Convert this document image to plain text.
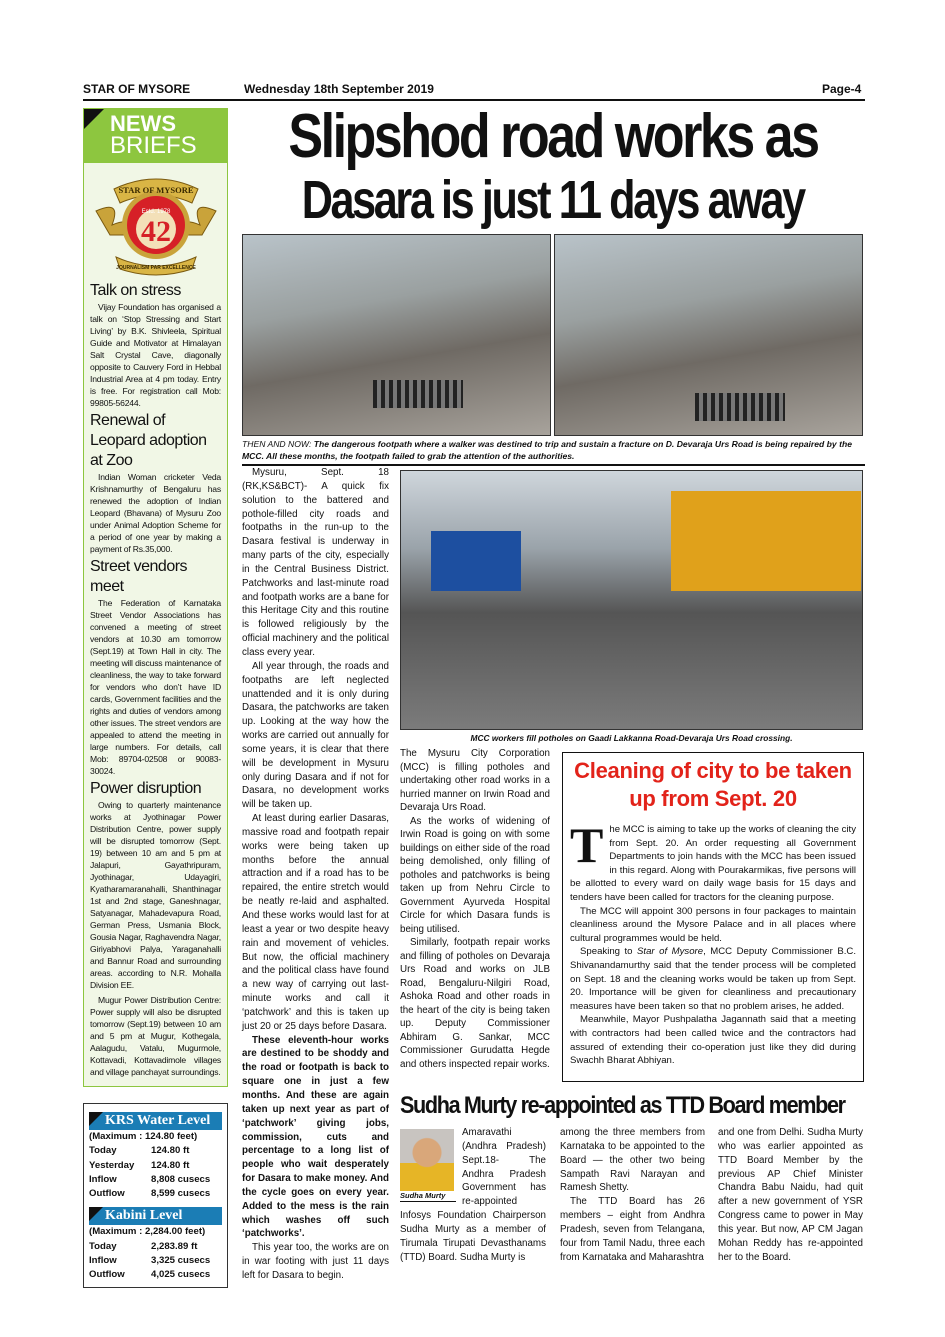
STAR OF MYSORE	Wednesday 18th September 2019	Page-4
NEWS
BRIEFS
42
Estd. 1978
STAR OF MYSORE
JOURNALISM PAR EXCELLENCE
Talk on stress

Vijay Foundation has organised a talk on ‘Stop Stressing and Start Living’ by B.K. Shivleela, Spiritual Guide and Motivator at Himalayan Salt Crystal Cave, diagonally opposite to Cauvery Ford in Hebbal Industrial Area at 4 pm today. Entry is free. For registration call Mob: 99805-56244.

Renewal of Leopard adoption at Zoo

Indian Woman cricketer Veda Krishnamurthy of Bengaluru has renewed the adoption of Indian Leopard (Bhavana) of Mysuru Zoo under Animal Adoption Scheme for a period of one year by making a payment of Rs.35,000.

Street vendors meet

The Federation of Karnataka Street Vendor Associations has convened a meeting of street vendors at 10.30 am tomorrow (Sept.19) at Town Hall in city. The meeting will discuss maintenance of cleanliness, the way to take forward for vendors who don’t have ID cards, Government facilities and the rights and duties of vendors among other issues. The street vendors are appealed to attend the meeting in large numbers. For details, call Mob: 89704-02508 or 90083-30024.

Power disruption

Owing to quarterly maintenance works at Jyothinagar Power Distribution Centre, power supply will be disrupted tomorrow (Sept. 19) between 10 am and 5 pm at Jalapuri, Gayathripuram, Jyothinagar, Udayagiri, Kyatharamaranahalli, Shanthinagar 1st and 2nd stage, Ganeshnagar, Satyanagar, Mahadevapura Road, German Press, Usmania Block, Gousia Nagar, Raghavendra Nagar, Giriyabhovi Palya, Yaraganahalli and Bannur Road and surrounding areas. according to N.R. Mohalla Division EE.

Mugur Power Distribution Centre: Power supply will also be disrupted tomorrow (Sept.19) between 10 am and 5 pm at Mugur, Kothegala, Aalagudu, Vatalu, Mugurmole, Kottavadi, Kottavadimole villages and village panchayat surroundings.

KRS Water Level
(Maximum : 124.80 feet)
Today	124.80 ft
Yesterday	124.80 ft
Inflow	8,808 cusecs
Outflow	8,599 cusecs
Kabini Level
(Maximum : 2,284.00 feet)
Today	2,283.89 ft
Inflow	3,325 cusecs
Outflow	4,025 cusecs
Slipshod road works as
Dasara is just 11 days away
THEN AND NOW: The dangerous footpath where a walker was destined to trip and sustain a fracture on D. Devaraja Urs Road is being repaired by the MCC. All these months, the footpath failed to grab the attention of the authorities.
MCC workers fill potholes on Gaadi Lakkanna Road-Devaraja Urs Road crossing.

Mysuru, Sept. 18 (RK,KS&BCT)- A quick fix solution to the battered and pothole-filled city roads and footpaths in the run-up to the Dasara festival is underway in many parts of the city, especially in the Central Business District. Patchworks and last-minute road and footpath works are a bane for this Heritage City and this routine is followed religiously by the official machinery and the political class every year.

All year through, the roads and footpaths are left neglected unattended and it is only during Dasara, the patchworks are taken up. Looking at the way how the works are carried out annually for some years, it is clear that there will be development in Mysuru only during Dasara and if not for Dasara, no development works will be taken up.

At least during earlier Dasaras, massive road and footpath repair works were being taken up months before the annual attraction and if a road has to be repaired, the entire stretch would be neatly re-laid and asphalted. And these works would last for at least a year or two despite heavy rain and movement of vehicles. But now, the official machinery and the political class have found a new way of carrying out last-minute works and call it ‘patchwork’ and this is taken up just 20 or 25 days before Dasara.

These eleventh-hour works are destined to be shoddy and the road or footpath is back to square one in just a few months. And these are again taken up next year as part of ‘patchwork’ giving jobs, commission, cuts and percentage to a long list of people who wait desperately for Dasara to make money. And the cycle goes on every year. Added to the mess is the rain which washes off such ‘patchworks’.

This year too, the works are on in war footing with just 11 days left for Dasara to begin.

The Mysuru City Corporation (MCC) is filling potholes and undertaking other road works in a hurried manner on Irwin Road and Devaraja Urs Road.

As the works of widening of Irwin Road is going on with some buildings on either side of the road being demolished, only filling of potholes and patchworks is being taken up from Nehru Circle to Government Ayurveda Hospital Circle for which Dasara funds is being utilised.

Similarly, footpath repair works and filling of potholes on Devaraja Urs Road and works on JLB Road, Bengaluru-Nilgiri Road, Ashoka Road and other roads in the heart of the city is being taken up. Deputy Commissioner Abhiram G. Sankar, MCC Commissioner Gurudatta Hegde and others inspected repair works.

Cleaning of city to be taken up from Sept. 20

The MCC is aiming to take up the works of cleaning the city from Sept. 20. An order requesting all Government Departments to join hands with the MCC has been issued in this regard. Along with Pourakarmikas, five persons will be allotted to every ward on daily wage basis for 15 days and tenders have been called for tractors for the cleaning purpose.

The MCC will appoint 300 persons in four packages to maintain cleanliness around the Mysore Palace and in all places where cultural programmes would be held.

Speaking to Star of Mysore, MCC Deputy Commissioner B.C. Shivanandamurthy said that the tender process will be completed on Sept. 18 and the cleaning works would be taken up from Sept. 20. Importance will be given for cleanliness and precautionary measures have been taken so that no problem arises, he added.

Meanwhile, Mayor Pushpalatha Jagannath said that a meeting with contractors had been called twice and the contractors had assured of extending their co-operation just like they did during Swachh Bharat Abhiyan.

Sudha Murty re-appointed as TTD Board member

Sudha Murty
Amaravathi (Andhra Pradesh) Sept.18- The Andhra Pradesh Government has re-appointed Infosys Foundation Chairperson Sudha Murty as a member of Tirumala Tirupati Devasthanams (TTD) Board. Sudha Murty is

among the three members from Karnataka to be appointed to the Board — the other two being Sampath Ravi Narayan and Ramesh Shetty.

The TTD Board has 26 members – eight from Andhra Pradesh, seven from Telangana, four from Tamil Nadu, three each from Karnataka and Maharashtra

and one from Delhi. Sudha Murty who was earlier appointed as TTD Board Member by the previous AP Chief Minister Chandra Babu Naidu, had quit after a new government of YSR Congress came to power in May this year. But now, AP CM Jagan Mohan Reddy has re-appointed her to the Board.
